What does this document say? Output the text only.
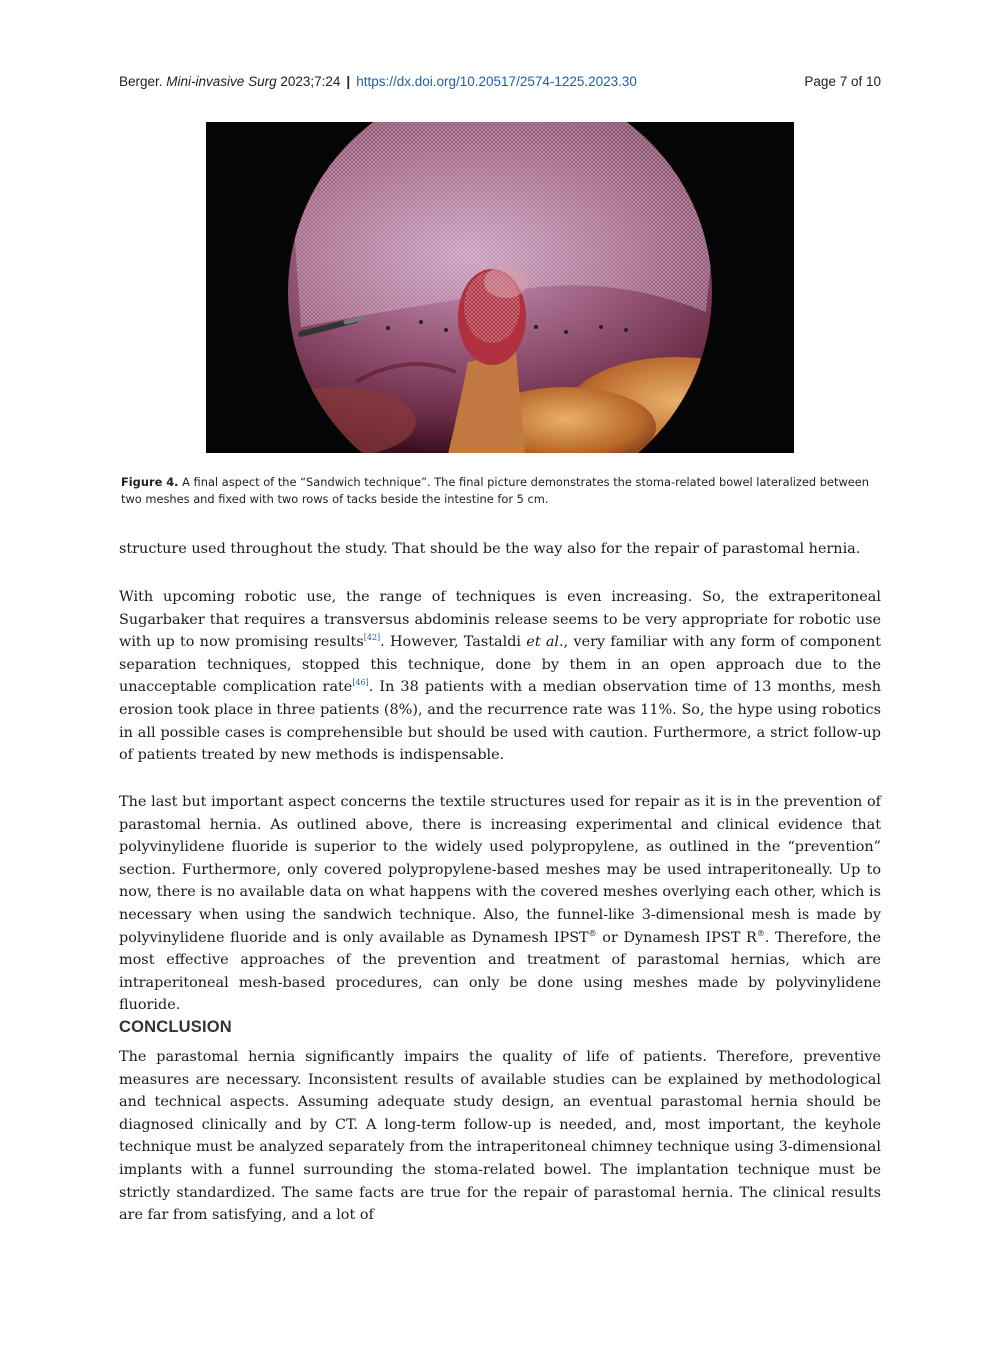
Berger. Mini-invasive Surg 2023;7:24 | https://dx.doi.org/10.20517/2574-1225.2023.30	Page 7 of 10
Figure 4. A final aspect of the “Sandwich technique”. The final picture demonstrates the stoma-related bowel lateralized between two meshes and fixed with two rows of tacks beside the intestine for 5 cm.

structure used throughout the study. That should be the way also for the repair of parastomal hernia.

With upcoming robotic use, the range of techniques is even increasing. So, the extraperitoneal Sugarbaker that requires a transversus abdominis release seems to be very appropriate for robotic use with up to now promising results[42]. However, Tastaldi et al., very familiar with any form of component separation techniques, stopped this technique, done by them in an open approach due to the unacceptable complication rate[46]. In 38 patients with a median observation time of 13 months, mesh erosion took place in three patients (8%), and the recurrence rate was 11%. So, the hype using robotics in all possible cases is comprehensible but should be used with caution. Furthermore, a strict follow-up of patients treated by new methods is indispensable.

The last but important aspect concerns the textile structures used for repair as it is in the prevention of parastomal hernia. As outlined above, there is increasing experimental and clinical evidence that polyvinylidene fluoride is superior to the widely used polypropylene, as outlined in the “prevention” section. Furthermore, only covered polypropylene-based meshes may be used intraperitoneally. Up to now, there is no available data on what happens with the covered meshes overlying each other, which is necessary when using the sandwich technique. Also, the funnel-like 3-dimensional mesh is made by polyvinylidene fluoride and is only available as Dynamesh IPST® or Dynamesh IPST R®. Therefore, the most effective approaches of the prevention and treatment of parastomal hernias, which are intraperitoneal mesh-based procedures, can only be done using meshes made by polyvinylidene fluoride.

CONCLUSION

The parastomal hernia significantly impairs the quality of life of patients. Therefore, preventive measures are necessary. Inconsistent results of available studies can be explained by methodological and technical aspects. Assuming adequate study design, an eventual parastomal hernia should be diagnosed clinically and by CT. A long-term follow-up is needed, and, most important, the keyhole technique must be analyzed separately from the intraperitoneal chimney technique using 3-dimensional implants with a funnel surrounding the stoma-related bowel. The implantation technique must be strictly standardized. The same facts are true for the repair of parastomal hernia. The clinical results are far from satisfying, and a lot of
